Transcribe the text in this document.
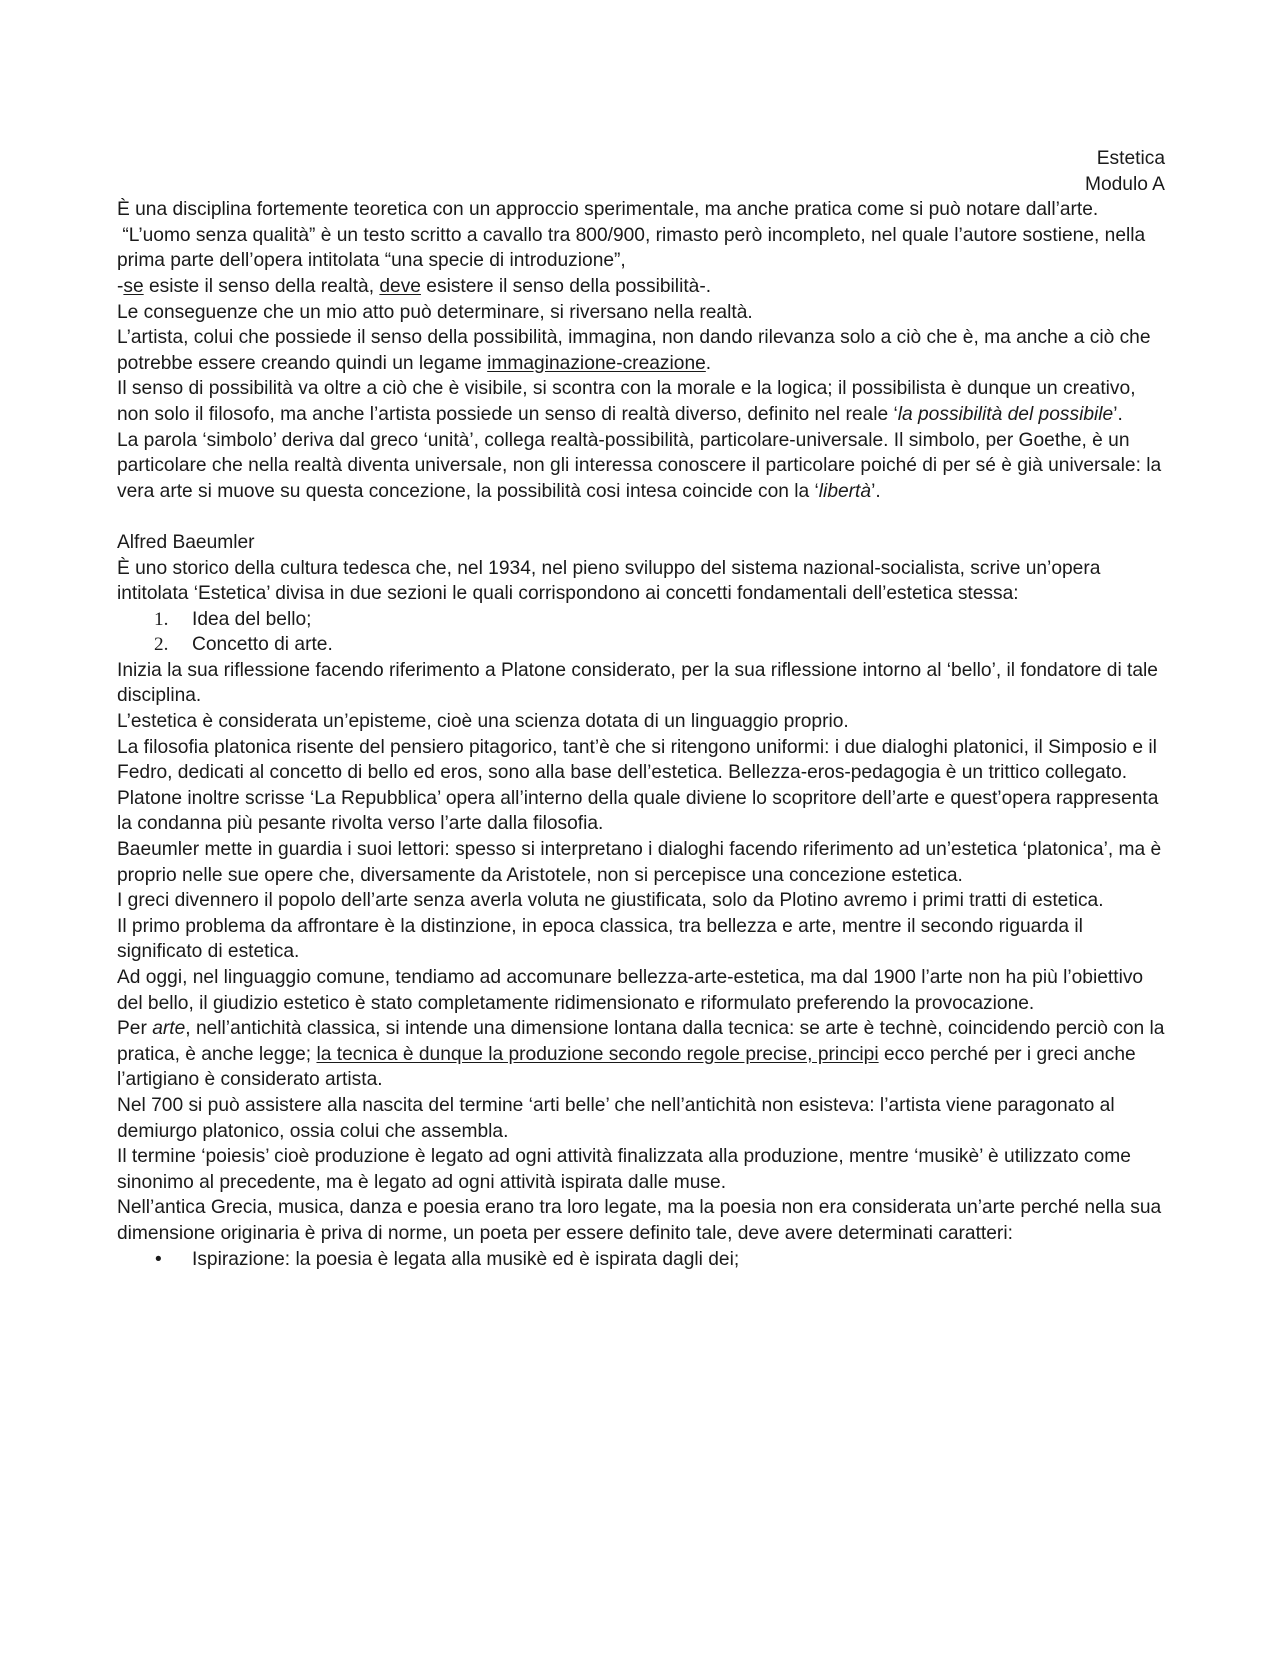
Estetica

Modulo A

È una disciplina fortemente teoretica con un approccio sperimentale, ma anche pratica come si può notare dall’arte.

“L’uomo senza qualità” è un testo scritto a cavallo tra 800/900, rimasto però incompleto, nel quale l’autore sostiene, nella prima parte dell’opera intitolata “una specie di introduzione”,

-se esiste il senso della realtà, deve esistere il senso della possibilità-.

Le conseguenze che un mio atto può determinare, si riversano nella realtà.

L’artista, colui che possiede il senso della possibilità, immagina, non dando rilevanza solo a ciò che è, ma anche a ciò che potrebbe essere creando quindi un legame immaginazione-creazione.

Il senso di possibilità va oltre a ciò che è visibile, si scontra con la morale e la logica; il possibilista è dunque un creativo, non solo il filosofo, ma anche l’artista possiede un senso di realtà diverso, definito nel reale ‘la possibilità del possibile’.

La parola ‘simbolo’ deriva dal greco ‘unità’, collega realtà-possibilità, particolare-universale. Il simbolo, per Goethe, è un particolare che nella realtà diventa universale, non gli interessa conoscere il particolare poiché di per sé è già universale: la vera arte si muove su questa concezione, la possibilità cosi intesa coincide con la ‘libertà’.

Alfred Baeumler

È uno storico della cultura tedesca che, nel 1934, nel pieno sviluppo del sistema nazional-socialista, scrive un’opera intitolata ‘Estetica’ divisa in due sezioni le quali corrispondono ai concetti fondamentali dell’estetica stessa:

1. Idea del bello;
2. Concetto di arte.

Inizia la sua riflessione facendo riferimento a Platone considerato, per la sua riflessione intorno al ‘bello’, il fondatore di tale disciplina.

L’estetica è considerata un’episteme, cioè una scienza dotata di un linguaggio proprio.

La filosofia platonica risente del pensiero pitagorico, tant’è che si ritengono uniformi: i due dialoghi platonici, il Simposio e il Fedro, dedicati al concetto di bello ed eros, sono alla base dell’estetica. Bellezza-eros-pedagogia è un trittico collegato.

Platone inoltre scrisse ‘La Repubblica’ opera all’interno della quale diviene lo scopritore dell’arte e quest’opera rappresenta la condanna più pesante rivolta verso l’arte dalla filosofia.

Baeumler mette in guardia i suoi lettori: spesso si interpretano i dialoghi facendo riferimento ad un’estetica ‘platonica’, ma è proprio nelle sue opere che, diversamente da Aristotele, non si percepisce una concezione estetica.

I greci divennero il popolo dell’arte senza averla voluta ne giustificata, solo da Plotino avremo i primi tratti di estetica.

Il primo problema da affrontare è la distinzione, in epoca classica, tra bellezza e arte, mentre il secondo riguarda il significato di estetica.

Ad oggi, nel linguaggio comune, tendiamo ad accomunare bellezza-arte-estetica, ma dal 1900 l’arte non ha più l’obiettivo del bello, il giudizio estetico è stato completamente ridimensionato e riformulato preferendo la provocazione.

Per arte, nell’antichità classica, si intende una dimensione lontana dalla tecnica: se arte è technè, coincidendo perciò con la pratica, è anche legge; la tecnica è dunque la produzione secondo regole precise, principi ecco perché per i greci anche l’artigiano è considerato artista.

Nel 700 si può assistere alla nascita del termine ‘arti belle’ che nell’antichità non esisteva: l’artista viene paragonato al demiurgo platonico, ossia colui che assembla.

Il termine ‘poiesis’ cioè produzione è legato ad ogni attività finalizzata alla produzione, mentre ‘musikè’ è utilizzato come sinonimo al precedente, ma è legato ad ogni attività ispirata dalle muse.

Nell’antica Grecia, musica, danza e poesia erano tra loro legate, ma la poesia non era considerata un’arte perché nella sua dimensione originaria è priva di norme, un poeta per essere definito tale, deve avere determinati caratteri:

• Ispirazione: la poesia è legata alla musikè ed è ispirata dagli dei;
